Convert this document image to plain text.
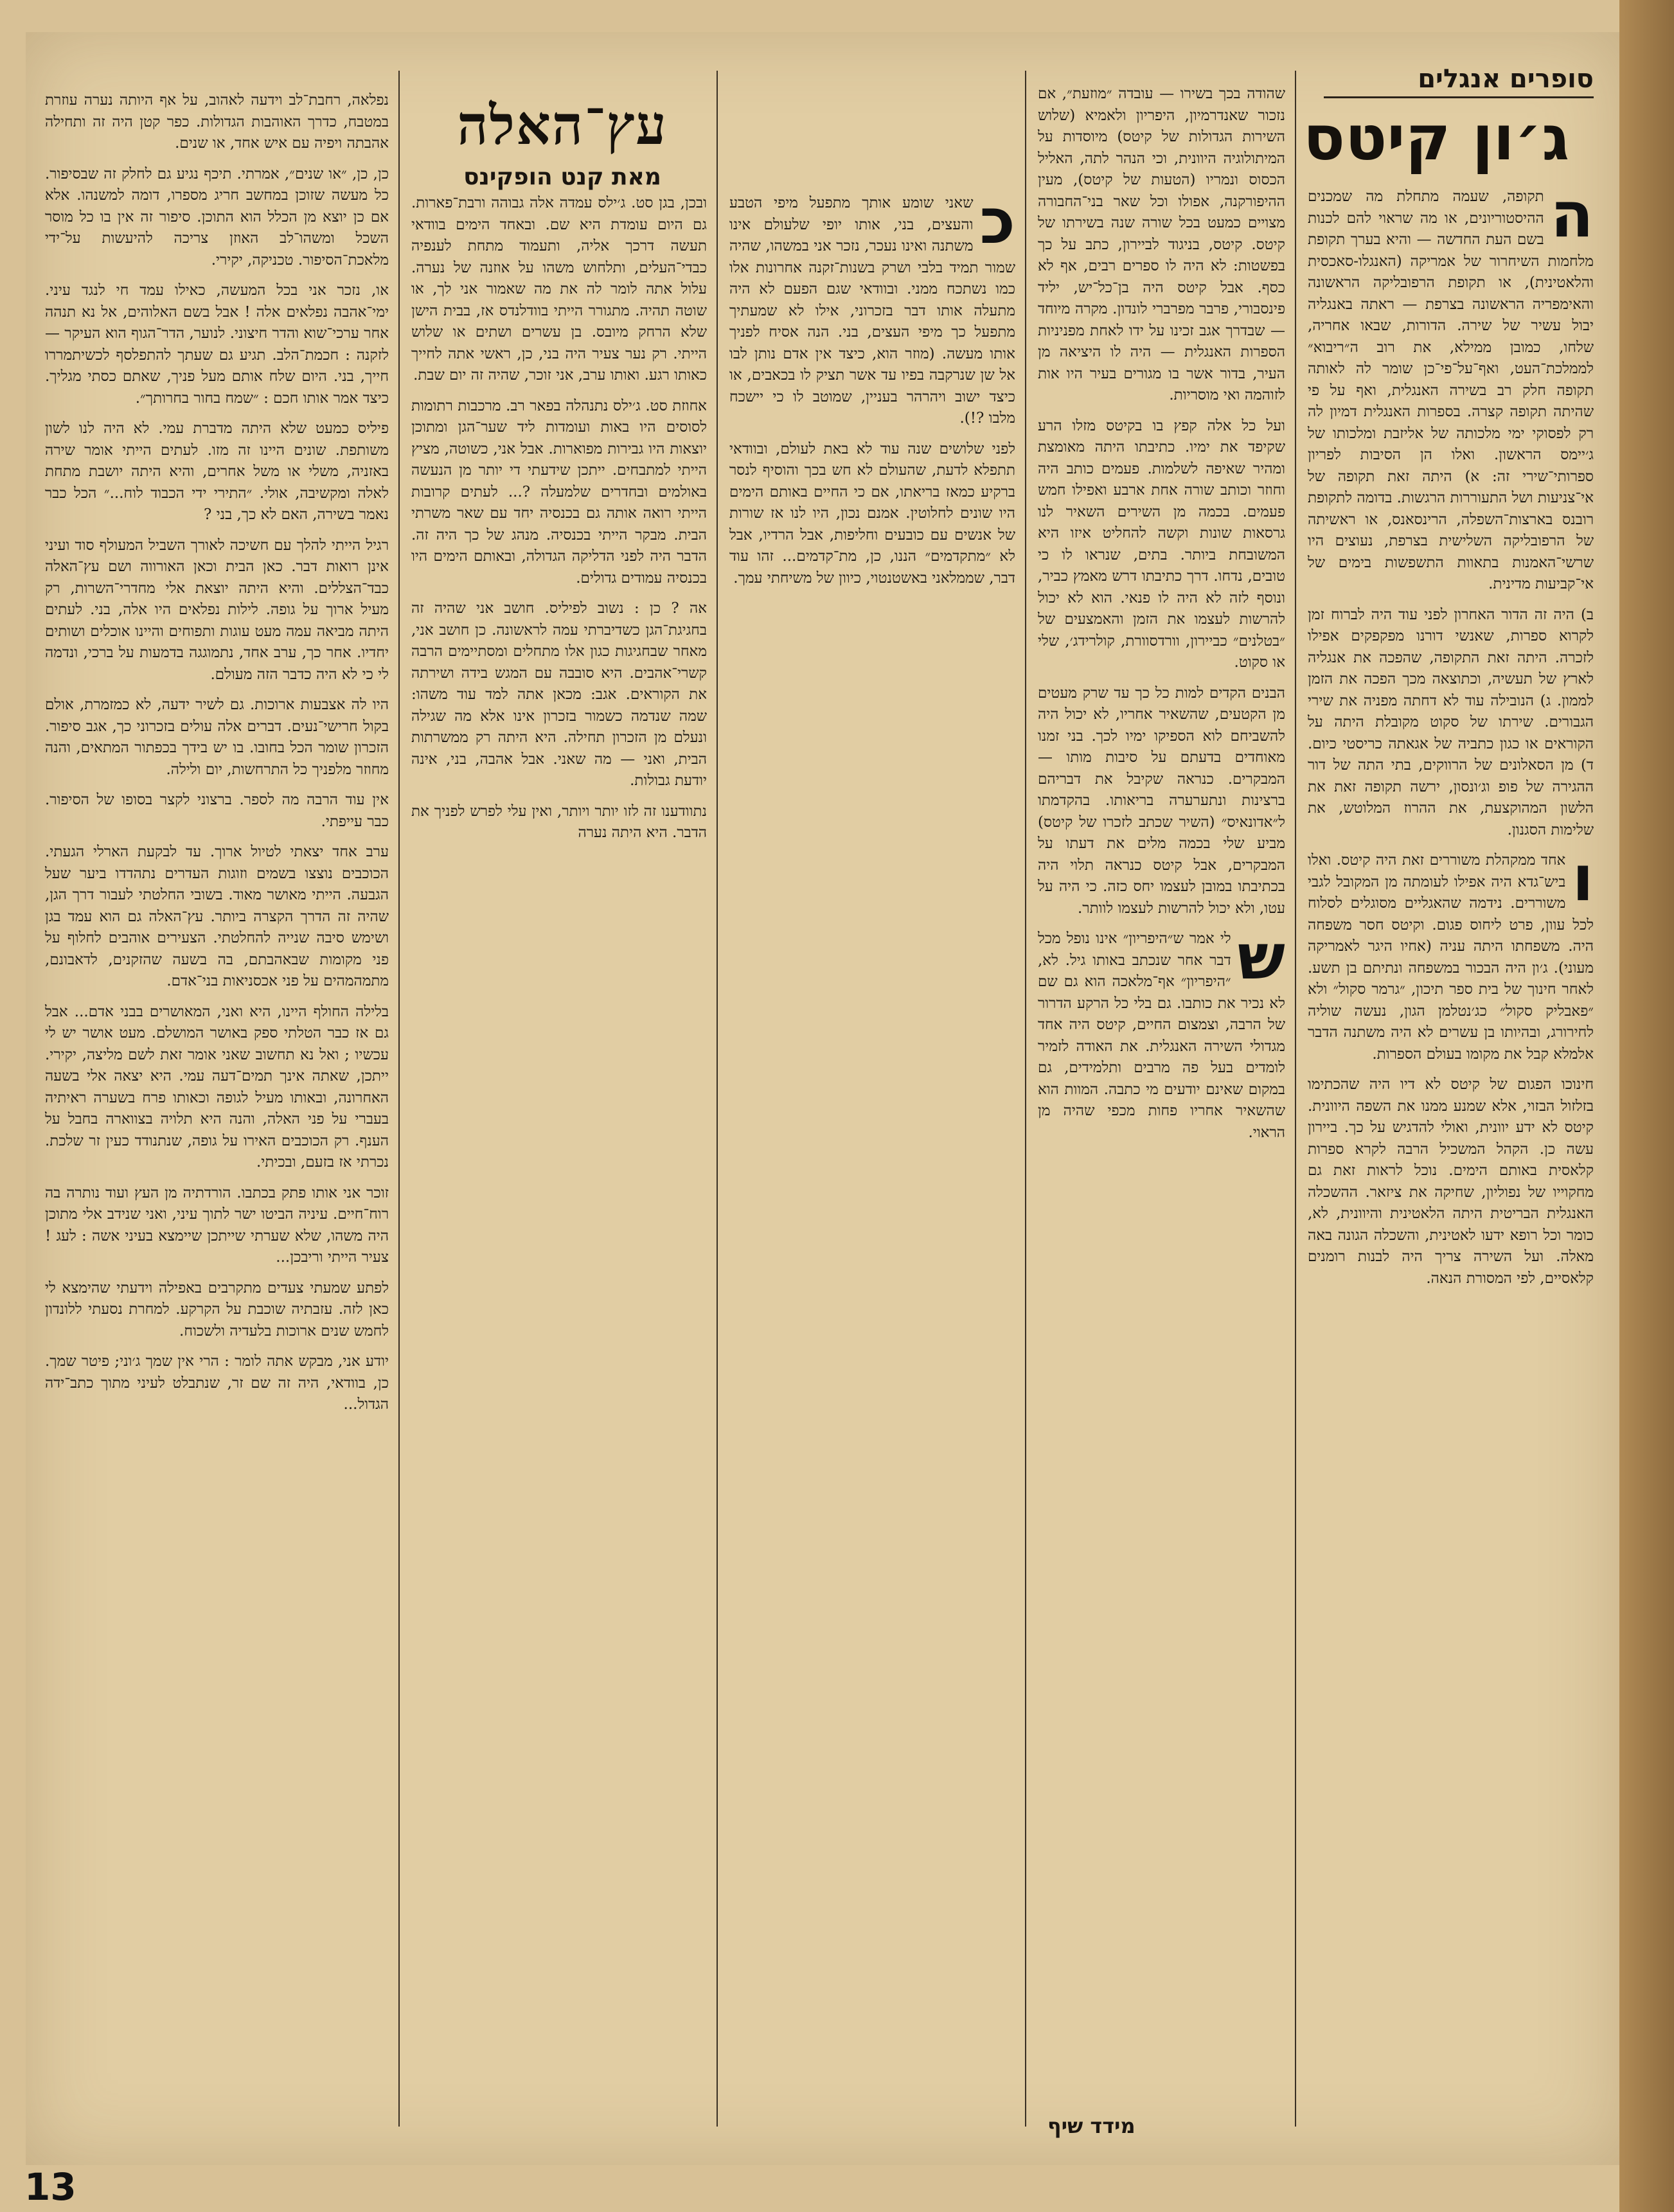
סופרים אנגלים
ג׳ון קיטס
עץ־האלה
מאת קנט הופקינס

ה
תקופה, שעמה מתחלת מה שמכנים ההיסטוריונים, או מה שראוי להם לכנות בשם העת החדשה — והיא בערך תקופת מלחמות השיחרור של אמריקה (האנגלו-סאכסית והלאטינית), או תקופת הרפובליקה הראשונה והאימפריה הראשונה בצרפת — ראתה באנגליה יבול עשיר של שירה. הדורות, שבאו אחריה, שלחו, כמובן ממילא, את רוב ה״ריבוא״ לממלכת־העט, ואף־על־פי־כן שומר לה לאותה תקופה חלק רב בשירה האנגלית, ואף על פי שהיתה תקופה קצרה. בספרות האנגלית דמיון לה רק לפסוקי ימי מלכותה של אליזבת ומלכותו של ג׳יימס הראשון. ואלו הן הסיבות לפריון ספרותי־שירי זה: א) היתה זאת תקופה של אי־צניעות ושל התעוררות הרגשות. בדומה לתקופת רובנס בארצות־השפלה, הרינסאנס, או ראשיתה של הרפובליקה השלישית בצרפת, נעוצים היו שרשי־האמנות בתאוות התשפשות בימים של אי־קביעות מדינית.

ב) היה זה הדור האחרון לפני עוד היה לברוח זמן לקרוא ספרות, שאנשי דורנו מפקפקים אפילו לזכרה. היתה זאת התקופה, שהפכה את אנגליה לארץ של תעשיה, וכתוצאה מכך הפכה את הזמן לממון. ג) הנובילה עוד לא דחתה מפניה את שירי הגבורים. שירתו של סקוט מקובלת היתה על הקוראים או כגון כתביה של אגאתה כריסטי כיום. ד) מן הסאלונים של הרווקים, בתי התה של דור ההגירה של פופ וג׳ונסון, ירשה תקופה זאת את הלשון המהוקצעת, את ההרוז המלוטש, את שלימות הסגנון.

ו
אחד ממקהלת משוררים זאת היה קיטס. ואלו ביש־גדא היה אפילו לעומתה מן המקובל לגבי משוררים. נידמה שהאגליים מסוגלים לסלוח לכל עוון, פרט ליחוס פגום. וקיטס חסר משפחה היה. משפחתו היתה עניה (אחיו היגר לאמריקה מעוני). ג׳ון היה הבכור במשפחה ונתיתם בן תשע. לאחר חינוך של בית ספר תיכון, ״גרמר סקול״ ולא ״פאבליק סקול״ כג׳נטלמן הגון, נעשה שוליה לחירורג, ובהיותו בן עשרים לא היה משתנה הדבר אלמלא קבל את מקומו בעולם הספרות.

חינוכו הפגום של קיטס לא דיו היה שהכתימו בזלזול הבזוי, אלא שמנע ממנו את השפה היוונית. קיטס לא ידע יוונית, ואולי להדגיש על כך. ביירון עשה כן. הקהל המשכיל הרבה לקרא ספרות קלאסית באותם הימים. נוכל לראות זאת גם מחקוייו של נפוליון, שחיקה את ציזאר. ההשכלה האנגלית הבריטית היתה הלאטינית והיוונית, לא, כומר וכל רופא ידעו לאטינית, והשכלה הגונה באה מאלה. ועל השירה צריך היה לבנות רומנים קלאסיים, לפי המסורת הנאה.

שהודה בכך בשירו — עובדה ״מוזעת״, אם נזכור שאנדרמיון, היפריון ולאמיא (שלוש השירות הגדולות של קיטס) מיוסדות על המיתולוגיה היוונית, וכי הנהר לתה, האליל הכסוס ונמריו (הטעות של קיטס), מעין ההיפורקנה, אפולו וכל שאר בני־החבורה מצויים כמעט בכל שורה שנה בשירתו של קיטס. קיטס, בניגוד לביירון, כתב על כך בפשטות: לא היה לו ספרים רבים, אף לא כסף. אבל קיטס היה בן־כל־יש, יליד פינסבורי, פרבר מפרברי לונדון. מקרה מיוחד — שבדרך אגב זכינו על ידו לאחת מפניניות הספרות האנגלית — היה לו היציאה מן העיר, בדור אשר בו מגורים בעיר היו אות לזוהמה ואי מוסריות.

ועל כל אלה קפץ בו בקיטס מזלו הרע שקיפד את ימיו. כתיבתו היתה מאומצת ומהיר שאיפה לשלמות. פעמים כותב היה וחוזר וכותב שורה אחת ארבע ואפילו חמש פעמים. בכמה מן השירים השאיר לנו גרסאות שונות וקשה להחליט איזו היא המשובחת ביותר. בתים, שנראו לו כי טובים, נדחו. דרך כתיבתו דרש מאמץ כביר, ונוסף לזה לא היה לו פנאי. הוא לא יכול להרשות לעצמו את הזמן והאמצעים של ״בטלנים״ כביירון, וורדסוורת, קולרידג׳, שלי או סקוט.

הבנים הקדים למות כל כך עד שרק מעטים מן הקטעים, שהשאיר אחריו, לא יכול היה להשביחם לוא הספיקו ימיו לכך. בני זמנו מאוחדים בדעתם על סיבות מותו — המבקרים. כנראה שקיבל את דבריהם ברצינות ונתערערה בריאותו. בהקדמתו ל״אדונאיס״ (השיר שכתב לזכרו של קיטס) מביע שלי בכמה מלים את דעתו על המבקרים, אבל קיטס כנראה תלוי היה בכתיבתו במובן לעצמו יחס כזה. כי היה על עטו, ולא יכול להרשות לעצמו לוותר.

ש
לי אמר ש״היפריון״ אינו נופל מכל דבר אחר שנכתב באותו גיל. לא, ״היפריון״ אף־מלאכה הוא גם שם לא נכיר את כותבו. גם בלי כל הרקע הדרור של הרבה, וצמצום החיים, קיטס היה אחד מגדולי השירה האנגלית. את האודה לזמיר לומדים בעל פה מרבים ותלמידים, גם במקום שאינם יודעים מי כתבה. המוות הוא שהשאיר אחריו פחות מכפי שהיה מן הראוי.

מידד שיף

כ
שאני שומע אותך מתפעל מיפי הטבע והעצים, בני, אותו יופי שלעולם אינו משתנה ואינו נעכר, נזכר אני במשהו, שהיה שמור תמיד בלבי ושרק בשנות־זקנה אחרונות אלו כמו נשתכח ממני. ובוודאי שגם הפעם לא היה מתעלה אותו דבר בזכרוני, אילו לא שמעתיך מתפעל כך מיפי העצים, בני. הנה אסיח לפניך אותו מעשה. (מוזר הוא, כיצד אין אדם נותן לבו אל שן שנרקבה בפיו עד אשר תציק לו בכאבים, או כיצד ישוב ויהרהר בעניין, שמוטב לו כי יישכח מלבו ?!).

לפני שלושים שנה עוד לא באת לעולם, ובוודאי תתפלא לדעת, שהעולם לא חש בכך והוסיף לנסר ברקיע כמאז בריאתו, אם כי החיים באותם הימים היו שונים לחלוטין. אמנם נכון, היו לנו אז שורות של אנשים עם כובעים וחליפות, אבל הרדיו, אבל לא ״מתקדמים״ הננו, כן, מת־קדמים... זהו עוד דבר, שממלאני באשטנטוי, כיוון של משיחתי עמך.

ובכן, בגן סט. ג׳ילס עמדה אלה גבוהה ורבת־פארות. גם היום עומדת היא שם. ובאחד הימים בוודאי תעשה דרכך אליה, ותעמוד מתחת לענפיה כבדי־העלים, ותלחוש משהו על אוזנה של נערה. עלול אתה לומר לה את מה שאמור אני לך, או שוטה תהיה. מתגורר הייתי בוודלנדס אז, בבית הישן שלא הרחק מיובס. בן עשרים ושתים או שלוש הייתי. רק נער צעיר היה בני, כן, ראשי אתה לחייך כאותו רגע. ואותו ערב, אני זוכר, שהיה זה יום שבת.

אחוזת סט. ג׳ילס נתנהלה בפאר רב. מרכבות רתומות לסוסים היו באות ועומדות ליד שער־הגן ומתוכן יוצאות היו גבירות מפוארות. אבל אני, כשוטה, מציץ הייתי למתבחים. ייתכן שידעתי די יותר מן הנעשה באולמים ובחדרים שלמעלה ?... לעתים קרובות הייתי רואה אותה גם בכנסיה יחד עם שאר משרתי הבית. מבקר הייתי בכנסיה. מנהג של כך היה זה. הדבר היה לפני הדליקה הגדולה, ובאותם הימים היו בכנסיה עמודים גדולים.

אה ? כן : נשוב לפיליס. חושב אני שהיה זה בחגיגת־הגן כשדיברתי עמה לראשונה. כן חושב אני, מאחר שבחגיגות כגון אלו מתחלים ומסתיימים הרבה קשרי־אהבים. היא סובבה עם המגש בידה ושירתה את הקוראים. אגב: מכאן אתה למד עוד משהו: שמה שנדמה כשמור בזכרון אינו אלא מה שגילה ונעלם מן הזכרון תחילה. היא היתה רק ממשרתות הבית, ואני — מה שאני. אבל אהבה, בני, אינה יודעת גבולות.

נתוודענו זה לזו יותר ויותר, ואין עלי לפרש לפניך את הדבר. היא היתה נערה

נפלאה, רחבת־לב וידעה לאהוב, על אף היותה נערה עוזרת במטבח, כדרך האוהבות הגדולות. כפר קטן היה זה ותחילה אהבתה ויפיה עם איש אחד, או שנים.

כן, כן, ״או שנים״, אמרתי. תיכף נגיע גם לחלק זה שבסיפור. כל מעשה שזוכן במחשב חריג מספרו, דומה למשנהו. אלא אם כן יוצא מן הכלל הוא התוכן. סיפור זה אין בו כל מוסר השכל ומשהו־לב האוזן צריכה להיעשות על־ידי מלאכת־הסיפור. טכניקה, יקירי.

או, נזכר אני בכל המעשה, כאילו עמד חי לנגד עיני. ימי־אהבה נפלאים אלה ! אבל בשם האלוהים, אל נא תנהה אחר ערכי־שוא והדר חיצוני. לנוער, הדר־הגוף הוא העיקר — לזקנה : חכמת־הלב. תגיע גם שעתך להתפלסף לכשיתמררו חייך, בני. היום שלח אותם מעל פניך, שאתם כסתי מגליך. כיצד אמר אותו חכם : ״שמח בחור בחרותך״.

פיליס כמעט שלא היתה מדברת עמי. לא היה לנו לשון משותפת. שונים היינו זה מזו. לעתים הייתי אומר שירה באזניה, משלי או משל אחרים, והיא היתה יושבת מתחת לאלה ומקשיבה, אולי. ״התירי ידי הכבוד לוח...״ הכל כבר נאמר בשירה, האם לא כך, בני ?

רגיל הייתי להלך עם חשיכה לאורך השביל המעולף סוד ועיני אינן רואות דבר. כאן הבית וכאן האורווה ושם עץ־האלה כבד־הצללים. והיא היתה יוצאת אלי מחדרי־השרות, רק מעיל ארוך על גופה. לילות נפלאים היו אלה, בני. לעתים היתה מביאה עמה מעט עוגות ותפוחים והיינו אוכלים ושותים יחדיו. אחר כך, ערב אחד, נתמוגגה בדמעות על ברכי, ונדמה לי כי לא היה כדבר הזה מעולם.

היו לה אצבעות ארוכות. גם לשיר ידעה, לא כמזמרת, אולם בקול חרישי־נעים. דברים אלה עולים בזכרוני כך, אגב סיפור. הזכרון שומר הכל בחובו. בו יש בידך בכפתור המתאים, והנה מחוזר מלפניך כל התרחשות, יום ולילה.

אין עוד הרבה מה לספר. ברצוני לקצר בסופו של הסיפור. כבר עייפתי.

ערב אחד יצאתי לטיול ארוך. עד לבקעת הארלי הגעתי. הכוכבים נוצצו בשמים וזוגות העדרים נתהדדו ביער שעל הגבעה. הייתי מאושר מאוד. בשובי החלטתי לעבור דרך הגן, שהיה זה הדרך הקצרה ביותר. עץ־האלה גם הוא עמד בגן ושימש סיבה שנייה להחלטתי. הצעירים אוהבים לחלוף על פני מקומות שבאהבתם, בה בשעה שהזקנים, לדאבונם, מתמהמהים על פני אכסניאות בני־אדם.

בלילה החולף היינו, היא ואני, המאושרים בבני אדם... אבל גם אז כבר הטלתי ספק באושר המושלם. מעט אושר יש לי עכשיו ; ואל נא תחשוב שאני אומר זאת לשם מליצה, יקירי. ייתכן, שאתה אינך תמים־דעה עמי. היא יצאה אלי בשעה האחרונה, ובאותו מעיל לגופה וכאותו פרח בשערה ראיתיה בעברי על פני האלה, והנה היא תלויה בצווארה בחבל על הענף. רק הכוכבים האירו על גופה, שנתנודד כעין זר שלכת. נכרתי אז בזעם, ובכיתי.

זוכר אני אותו פתק בכתבו. הורדתיה מן העץ ועוד נותרה בה רוח־חיים. עיניה הביטו ישר לתוך עיני, ואני שנידב אלי מתוכן היה משהו, שלא שערתי שייתכן שיימצא בעיני אשה : לעג ! צעיר הייתי וריבכן...

לפתע שמעתי צעדים מתקרבים באפילה וידעתי שהימצא לי כאן לזה. עזבתיה שוכבת על הקרקע. למחרת נסעתי ללונדון לחמש שנים ארוכות בלעדיה ולשכוח.

יודע אני, מבקש אתה לומר : הרי אין שמך ג׳וני; פיטר שמך. כן, בוודאי, היה זה שם זר, שנתבלט לעיני מתוך כתב־ידה הגדול...

13
